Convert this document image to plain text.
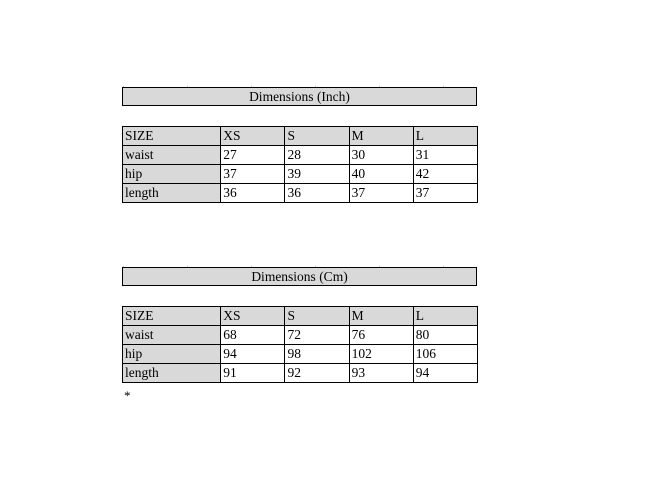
Dimensions (Inch)
SIZE	XS	S	M	L
waist	27	28	30	31
hip	37	39	40	42
length	36	36	37	37
Dimensions (Cm)
SIZE	XS	S	M	L
waist	68	72	76	80
hip	94	98	102	106
length	91	92	93	94
*
